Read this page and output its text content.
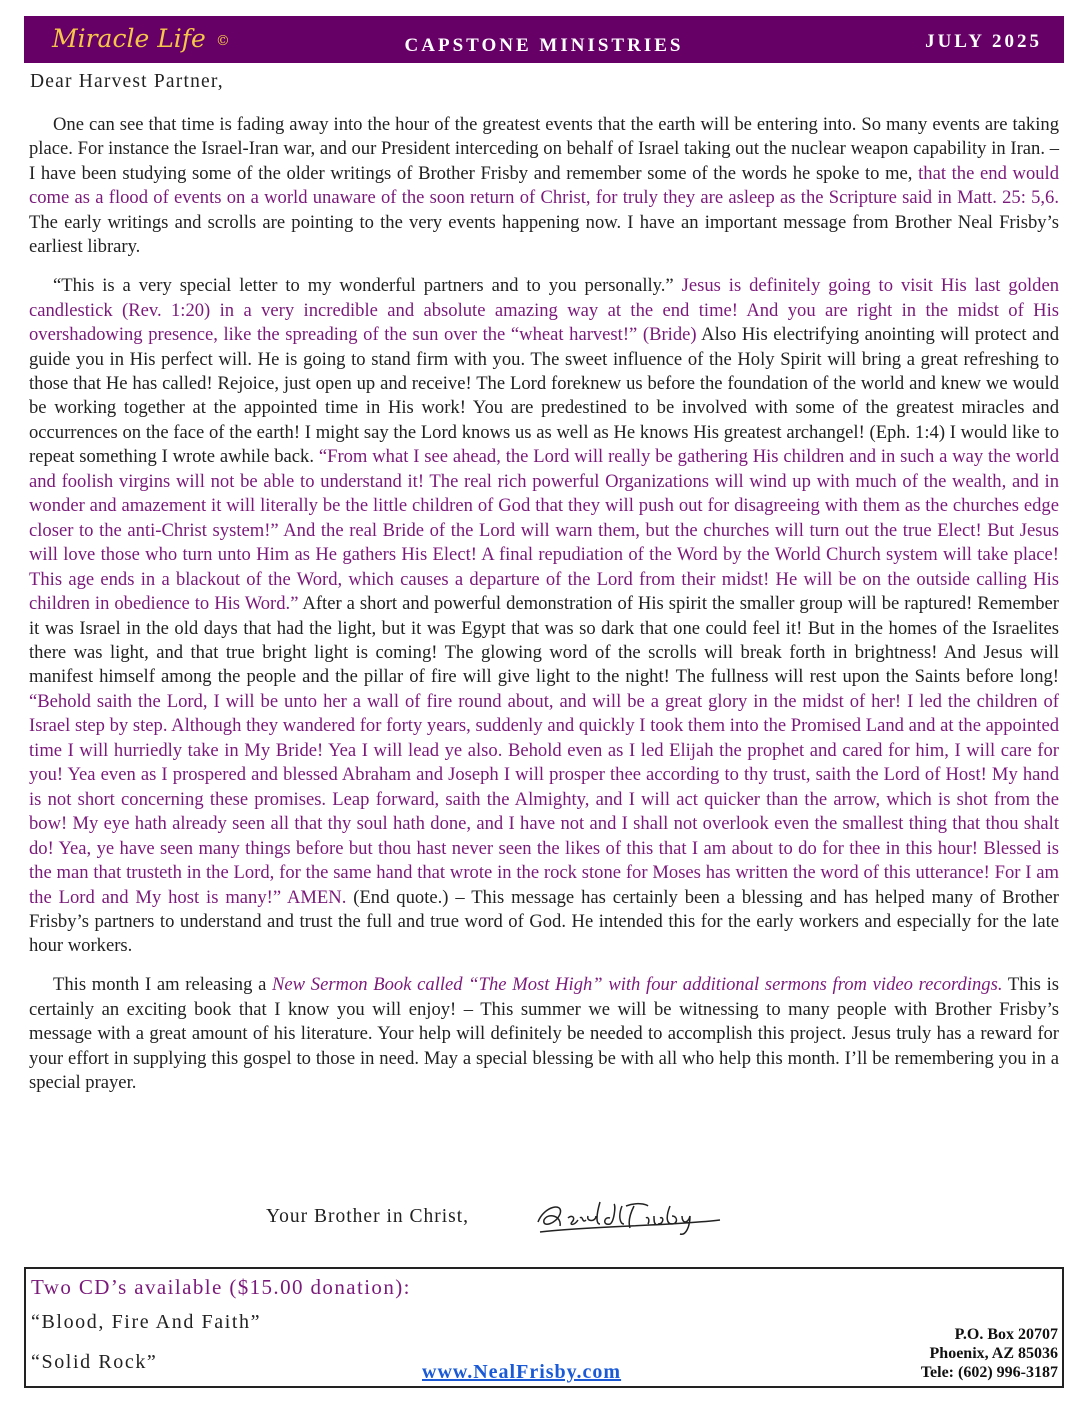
Miracle Life ©	CAPSTONE MINISTRIES	JULY 2025
Dear Harvest Partner,

One can see that time is fading away into the hour of the greatest events that the earth will be entering into. So many events are taking place. For instance the Israel-Iran war, and our President interceding on behalf of Israel taking out the nuclear weapon capability in Iran. – I have been studying some of the older writings of Brother Frisby and remember some of the words he spoke to me, that the end would come as a flood of events on a world unaware of the soon return of Christ, for truly they are asleep as the Scripture said in Matt. 25: 5,6. The early writings and scrolls are pointing to the very events happening now. I have an important message from Brother Neal Frisby’s earliest library.

“This is a very special letter to my wonderful partners and to you personally.” Jesus is definitely going to visit His last golden candlestick (Rev. 1:20) in a very incredible and absolute amazing way at the end time! And you are right in the midst of His overshadowing presence, like the spreading of the sun over the “wheat harvest!” (Bride) Also His electrifying anointing will protect and guide you in His perfect will. He is going to stand firm with you. The sweet influence of the Holy Spirit will bring a great refreshing to those that He has called! Rejoice, just open up and receive! The Lord foreknew us before the foundation of the world and knew we would be working together at the appointed time in His work! You are predestined to be involved with some of the greatest miracles and occurrences on the face of the earth! I might say the Lord knows us as well as He knows His greatest archangel! (Eph. 1:4) I would like to repeat something I wrote awhile back. “From what I see ahead, the Lord will really be gathering His children and in such a way the world and foolish virgins will not be able to understand it! The real rich powerful Organizations will wind up with much of the wealth, and in wonder and amazement it will literally be the little children of God that they will push out for disagreeing with them as the churches edge closer to the anti-Christ system!” And the real Bride of the Lord will warn them, but the churches will turn out the true Elect! But Jesus will love those who turn unto Him as He gathers His Elect! A final repudiation of the Word by the World Church system will take place! This age ends in a blackout of the Word, which causes a departure of the Lord from their midst! He will be on the outside calling His children in obedience to His Word.” After a short and powerful demonstration of His spirit the smaller group will be raptured! Remember it was Israel in the old days that had the light, but it was Egypt that was so dark that one could feel it! But in the homes of the Israelites there was light, and that true bright light is coming! The glowing word of the scrolls will break forth in brightness! And Jesus will manifest himself among the people and the pillar of fire will give light to the night! The fullness will rest upon the Saints before long! “Behold saith the Lord, I will be unto her a wall of fire round about, and will be a great glory in the midst of her! I led the children of Israel step by step. Although they wandered for forty years, suddenly and quickly I took them into the Promised Land and at the appointed time I will hurriedly take in My Bride! Yea I will lead ye also. Behold even as I led Elijah the prophet and cared for him, I will care for you! Yea even as I prospered and blessed Abraham and Joseph I will prosper thee according to thy trust, saith the Lord of Host! My hand is not short concerning these promises. Leap forward, saith the Almighty, and I will act quicker than the arrow, which is shot from the bow! My eye hath already seen all that thy soul hath done, and I have not and I shall not overlook even the smallest thing that thou shalt do! Yea, ye have seen many things before but thou hast never seen the likes of this that I am about to do for thee in this hour! Blessed is the man that trusteth in the Lord, for the same hand that wrote in the rock stone for Moses has written the word of this utterance! For I am the Lord and My host is many!” AMEN. (End quote.) – This message has certainly been a blessing and has helped many of Brother Frisby’s partners to understand and trust the full and true word of God. He intended this for the early workers and especially for the late hour workers.

This month I am releasing a New Sermon Book called “The Most High” with four additional sermons from video recordings. This is certainly an exciting book that I know you will enjoy! – This summer we will be witnessing to many people with Brother Frisby’s message with a great amount of his literature. Your help will definitely be needed to accomplish this project. Jesus truly has a reward for your effort in supplying this gospel to those in need. May a special blessing be with all who help this month. I’ll be remembering you in a special prayer.

Your Brother in Christ,
Two CD’s available ($15.00 donation):
“Blood, Fire And Faith”
“Solid Rock”	www.NealFrisby.com
P.O. Box 20707
Phoenix, AZ 85036
Tele: (602) 996-3187
